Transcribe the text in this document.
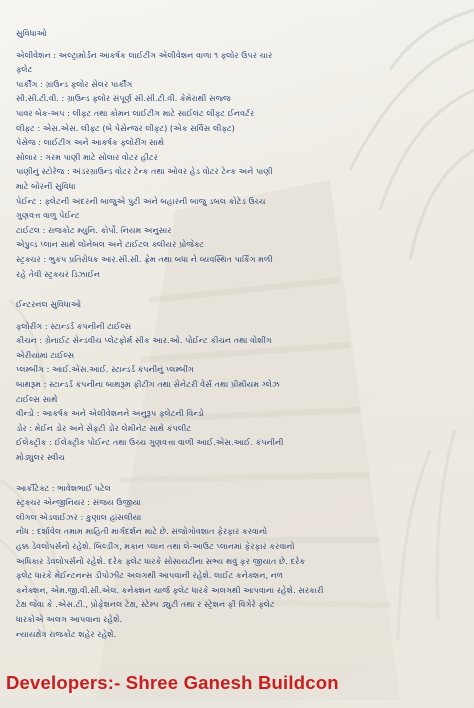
સુવિધાઓ
એલીવેશન : અલ્ટ્રામોર્ડન આકર્ષક લાઈટીંગ એલીવેશન વાળા ૧ ફ્લોર ઉપર ચાર
ફ્લેટ
પાર્કીંગ : ગ્રાઉન્ડ ફ્લોર સેલર પાર્કીંગ
સી.સી.ટી.વી. : ગ્રાઉન્ડ ફ્લોર સંપૂર્ણ સી.સી.ટી.વી. કેમેરાથી સજ્જ
પાવર બેક-અપ : લીફ્ટ તથા કોમન લાઈટીંગ માટે સાઈલંટ લીફ્ટ ઈનવર્ટર
લીફ્ટ : એસ.એસ. લીફ્ટ (બે પેસેન્જર લીફ્ટ) (એક સર્વિસ લીફ્ટ)
પેસેજ : લાઈટીંગ અને આકર્ષક ફ્લોરીંગ સાથે
સોલાર : ગરમ પાણી માટે સોલાર વોટર હીટર
પાણીનું સ્ટોરેજ : અંડરગ્રાઉન્ડ વોટર ટેન્ક તથા ઓવર હેડ વોટર ટેન્ક અને પાણી
માટે બોરની સુવિધા
પેઈન્ટ : ફ્લેટની અંદરની બાજુએ પુટી અને બહારની બાજુ ડબલ કોટેડ ઉચ્ચ
ગુણવત્ત વાળુ પેઈન્ટ
ટાઈટલ : રાજકોટ મ્યુનિ. કોર્પો. નિયમ અનુસાર
એપ્રુવ્ડ પ્લાન સાથે લોનેબલ અને ટાઈટલ ક્લીયર પ્રોજેક્ટ
સ્ટ્રક્ચર : ભુકંપ પ્રતિરોધક આર.સી.સી. ફ્રેમ તથા બધા ને વ્યવસ્થિત પાર્કિંગ મળી
રહે તેવી સ્ટ્રક્ચર ડિઝાઈન
ઈન્ટરનલ સુવિધાઓ
ફ્લોરીંગ : સ્ટાન્ડર્ડ કંપનીની ટાઈલ્સ
કીચન : ગ્રેનાઈટ સેન્ડવીચ પ્લેટફોર્મ સીક આર.ઓ. પોઈન્ટ કીચન તથા વોશીંગ
એરીયામાં ટાઈલ્સ
પ્લમ્બીંગ : આઈ.એસ.આઈ. સ્ટાન્ડર્ડ કંપનીનું પ્લમ્બીંગ
બાથરૂમ : સ્ટાન્ડર્ડ કંપનીના બાથરૂમ ફીટીંગ તથા સેનેટરી વેર્સ તથા પ્રીમીયમ ગ્લેઝ
ટાઈલ્સ સાથે
વીન્ડો : આકર્ષક અને એલીવેશનને અનુરૂપ ફ્લેટની વિન્ડો
ડોર : મેઈન ડોર અને સેફ્ટી ડોર લેમીનેટ સાથે કંપલીટ
ઈલેક્ટ્રીક : ઈલેક્ટ્રીક પોઈન્ટ તથા ઉચ્ચ ગુણવત્તા વાળી આઈ.એસ.આઈ. કંપનીની
મોડ્યુલર સ્વીચ
આર્કીટેક્ટ : ભાવેશભાઈ પટેલ
સ્ટ્રક્ચર એન્જીનિયર : સંજય ઉજીયા
લીગલ એડવાઈઝર : કુણાલ હાંસલીયા
નોંધ : દર્શાવેલ તમામ માહિતી માર્ગદર્શન માટે છે. સંજોગોવશાત ફેરફાર કરવાનો
હક્ક ડેવલોપર્સનો રહેશે. બિલ્ડીંગ, મકાન પ્લાન તથા લે-આઉટ પ્લાનમાં ફેરફાર કરવાનો
અધિકાર ડેવલોપર્સનો રહેશે. દરેક ફ્લેટ ધારકે સોસાયટીના સભ્ય થવું ફર જીયાત છે. દરેક
ફ્લેટ ધારકે મેઈન્ટનન્સ ડીપોઝીટ અલગથી આપવાની રહેશે. લાઈટ કનેક્શન, નળ
કનેક્શન, એમ.જી.વી.સી.એલ. કનેક્શન ચાર્જ ફ્લેટ ધારકે અલગથી આપવાના રહેશે. સરકારી
ટેક્ષ જેવા કે .એસ.ટી., પ્રોફેશનલ ટેક્ષ, સ્ટેમ્પ ડ્યુટી તથા ર સ્ટ્રેશન ફી વિગેરે ફ્લેટ
ધારકોએ અલગ આપવાના રહેશે.
ન્યાયક્ષેત્ર રાજકોટ શહેર રહેશે.
Developers:- Shree Ganesh Buildcon
